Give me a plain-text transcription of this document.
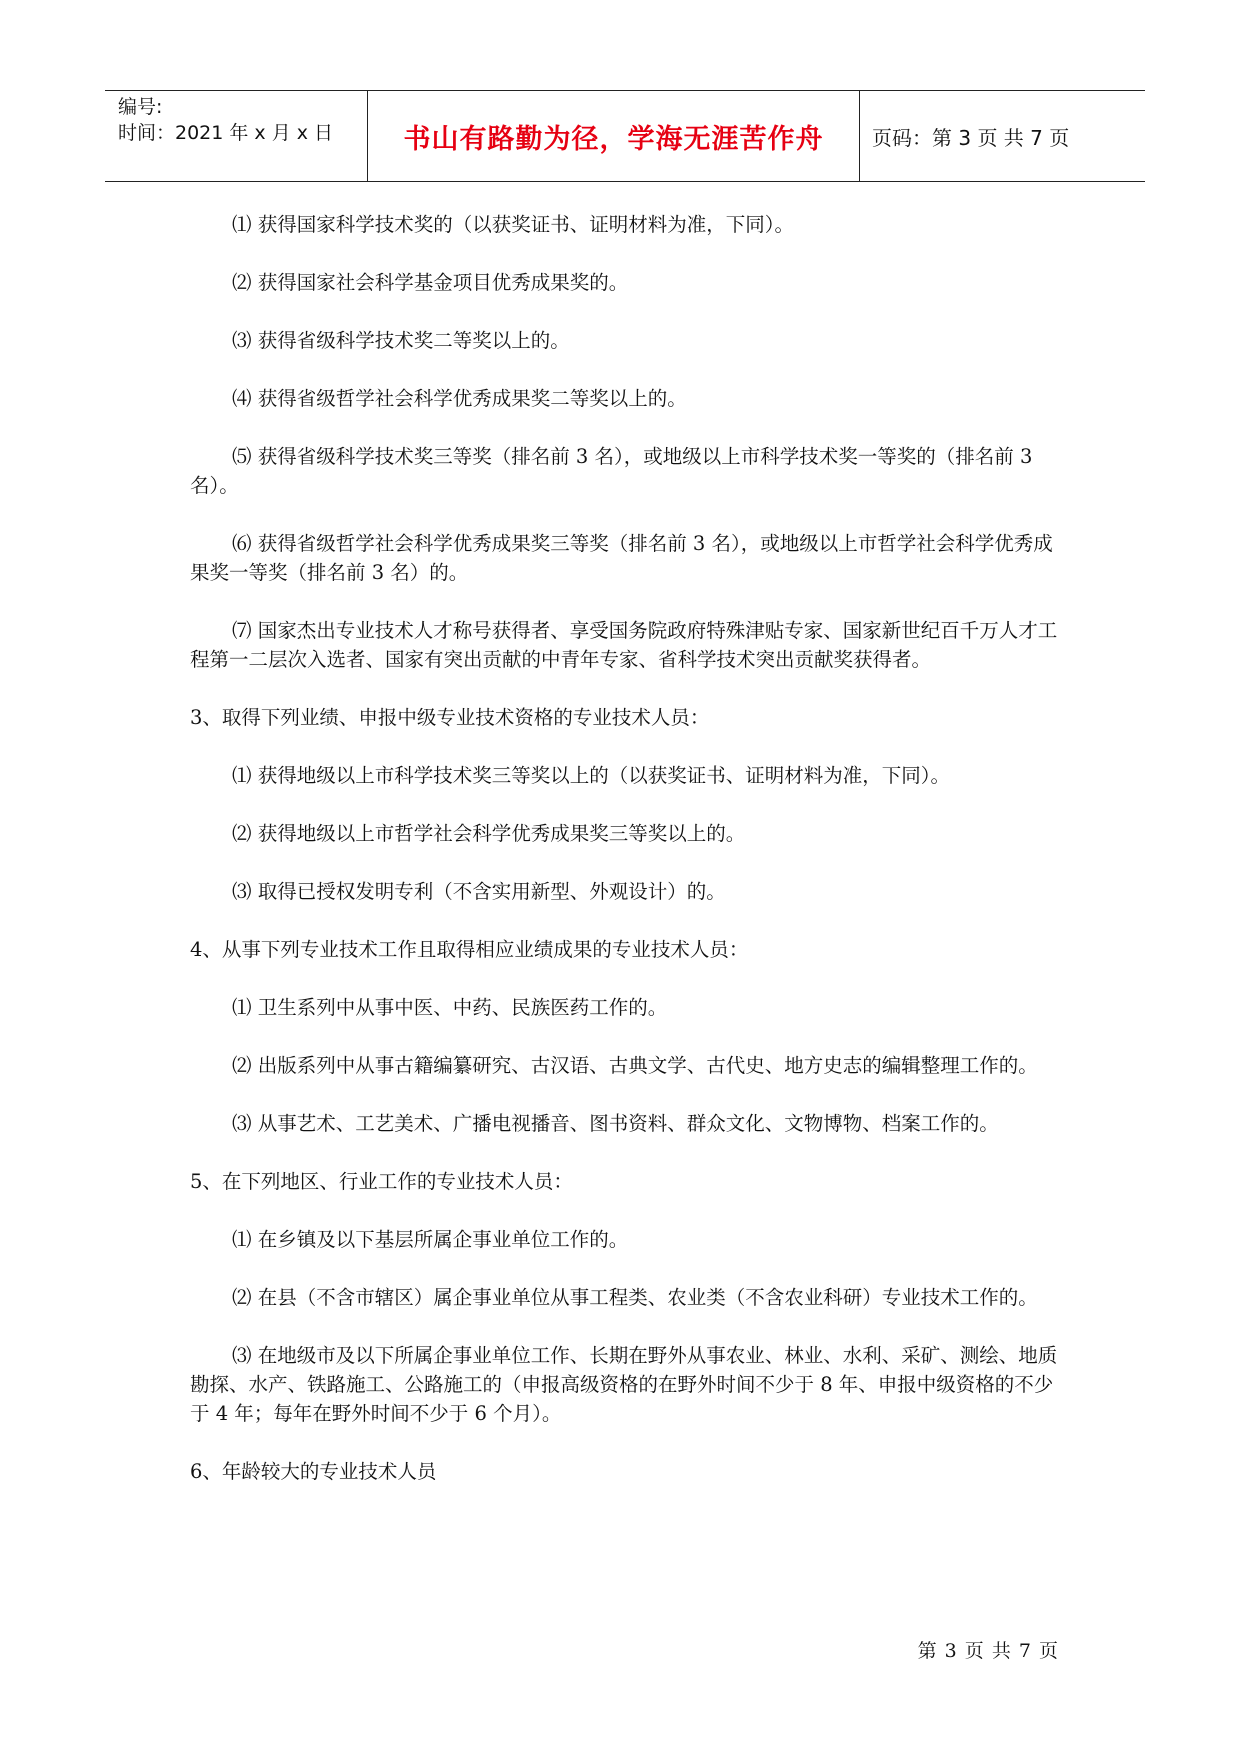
编号:
时间：2021 年 x 月 x 日	书山有路勤为径，学海无涯苦作舟	页码：第 3 页 共 7 页

⑴ 获得国家科学技术奖的（以获奖证书、证明材料为准，下同）。

⑵ 获得国家社会科学基金项目优秀成果奖的。

⑶ 获得省级科学技术奖二等奖以上的。

⑷ 获得省级哲学社会科学优秀成果奖二等奖以上的。

⑸ 获得省级科学技术奖三等奖（排名前 3 名），或地级以上市科学技术奖一等奖的（排名前 3 名）。

⑹ 获得省级哲学社会科学优秀成果奖三等奖（排名前 3 名），或地级以上市哲学社会科学优秀成果奖一等奖（排名前 3 名）的。

⑺ 国家杰出专业技术人才称号获得者、享受国务院政府特殊津贴专家、国家新世纪百千万人才工程第一二层次入选者、国家有突出贡献的中青年专家、省科学技术突出贡献奖获得者。

3、取得下列业绩、申报中级专业技术资格的专业技术人员：

⑴ 获得地级以上市科学技术奖三等奖以上的（以获奖证书、证明材料为准，下同）。

⑵ 获得地级以上市哲学社会科学优秀成果奖三等奖以上的。

⑶ 取得已授权发明专利（不含实用新型、外观设计）的。

4、从事下列专业技术工作且取得相应业绩成果的专业技术人员：

⑴ 卫生系列中从事中医、中药、民族医药工作的。

⑵ 出版系列中从事古籍编纂研究、古汉语、古典文学、古代史、地方史志的编辑整理工作的。

⑶ 从事艺术、工艺美术、广播电视播音、图书资料、群众文化、文物博物、档案工作的。

5、在下列地区、行业工作的专业技术人员：

⑴ 在乡镇及以下基层所属企事业单位工作的。

⑵ 在县（不含市辖区）属企事业单位从事工程类、农业类（不含农业科研）专业技术工作的。

⑶ 在地级市及以下所属企事业单位工作、长期在野外从事农业、林业、水利、采矿、测绘、地质勘探、水产、铁路施工、公路施工的（申报高级资格的在野外时间不少于 8 年、申报中级资格的不少于 4 年；每年在野外时间不少于 6 个月）。

6、年龄较大的专业技术人员

第 3 页 共 7 页
